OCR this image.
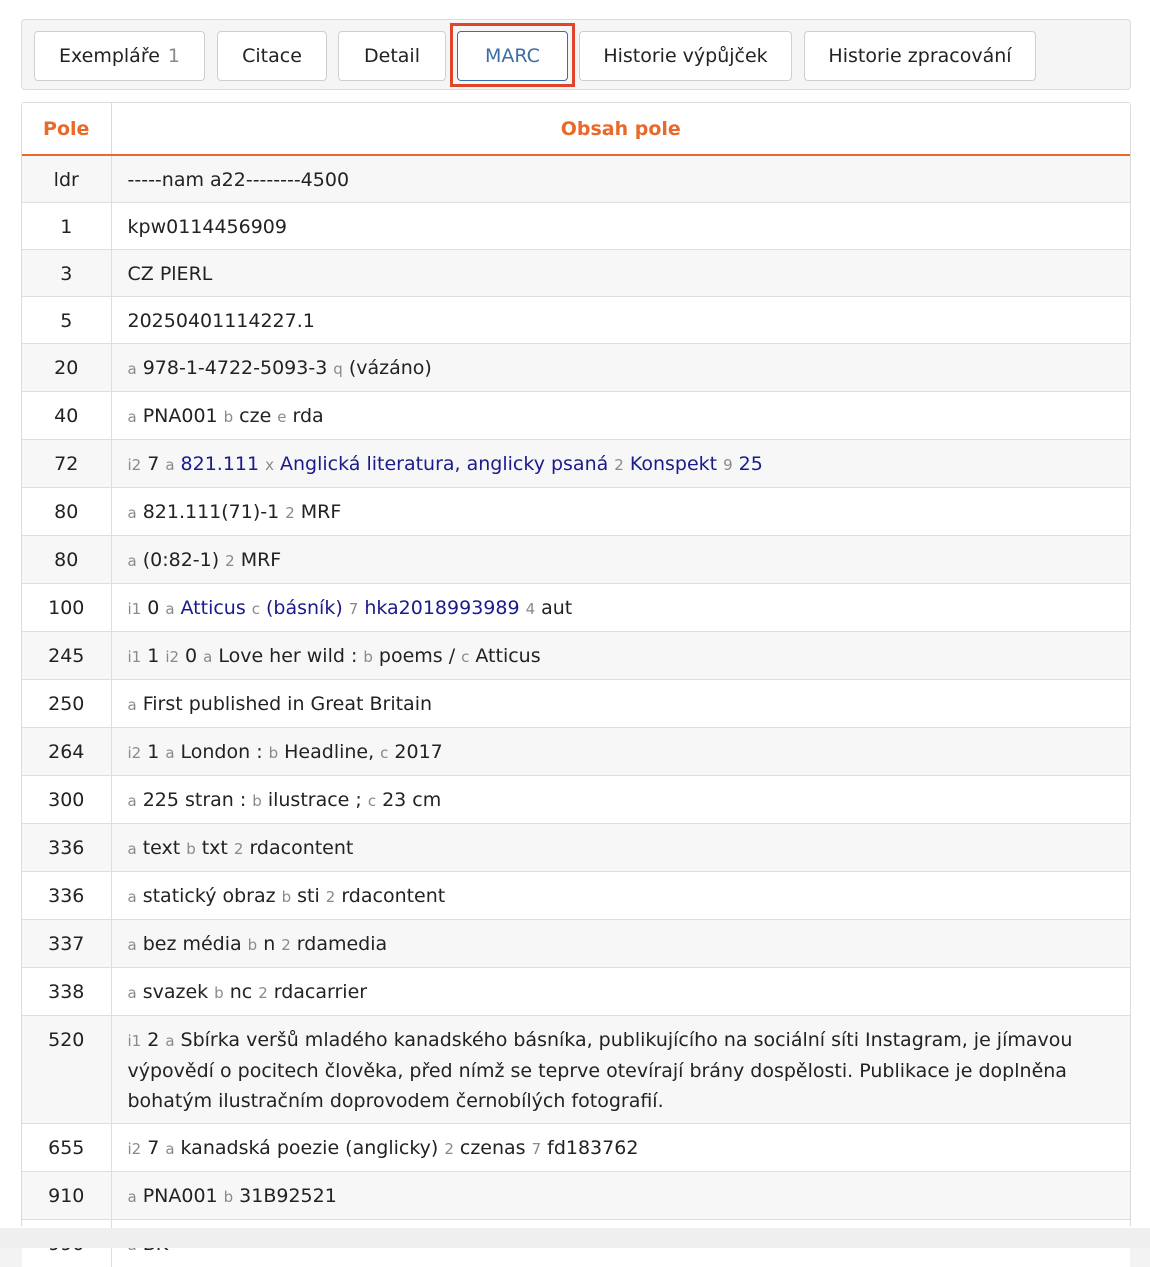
Exempláře 1	Citace	Detail	MARC	Historie výpůjček	Historie zpracování
Pole	Obsah pole
ldr	-----nam a22--------4500
1	kpw0114456909
3	CZ PlERL
5	20250401114227.1
20	a 978-1-4722-5093-3 q (vázáno)
40	a PNA001 b cze e rda
72	i2 7 a 821.111 x Anglická literatura, anglicky psaná 2 Konspekt 9 25
80	a 821.111(71)-1 2 MRF
80	a (0:82-1) 2 MRF
100	i1 0 a Atticus c (básník) 7 hka2018993989 4 aut
245	i1 1 i2 0 a Love her wild : b poems / c Atticus
250	a First published in Great Britain
264	i2 1 a London : b Headline, c 2017
300	a 225 stran : b ilustrace ; c 23 cm
336	a text b txt 2 rdacontent
336	a statický obraz b sti 2 rdacontent
337	a bez média b n 2 rdamedia
338	a svazek b nc 2 rdacarrier
520	i1 2 a Sbírka veršů mladého kanadského básníka, publikujícího na sociální síti Instagram, je jímavou výpovědí o pocitech člověka, před nímž se teprve otevírají brány dospělosti. Publikace je doplněna bohatým ilustračním doprovodem černobílých fotografií.
655	i2 7 a kanadská poezie (anglicky) 2 czenas 7 fd183762
910	a PNA001 b 31B92521
